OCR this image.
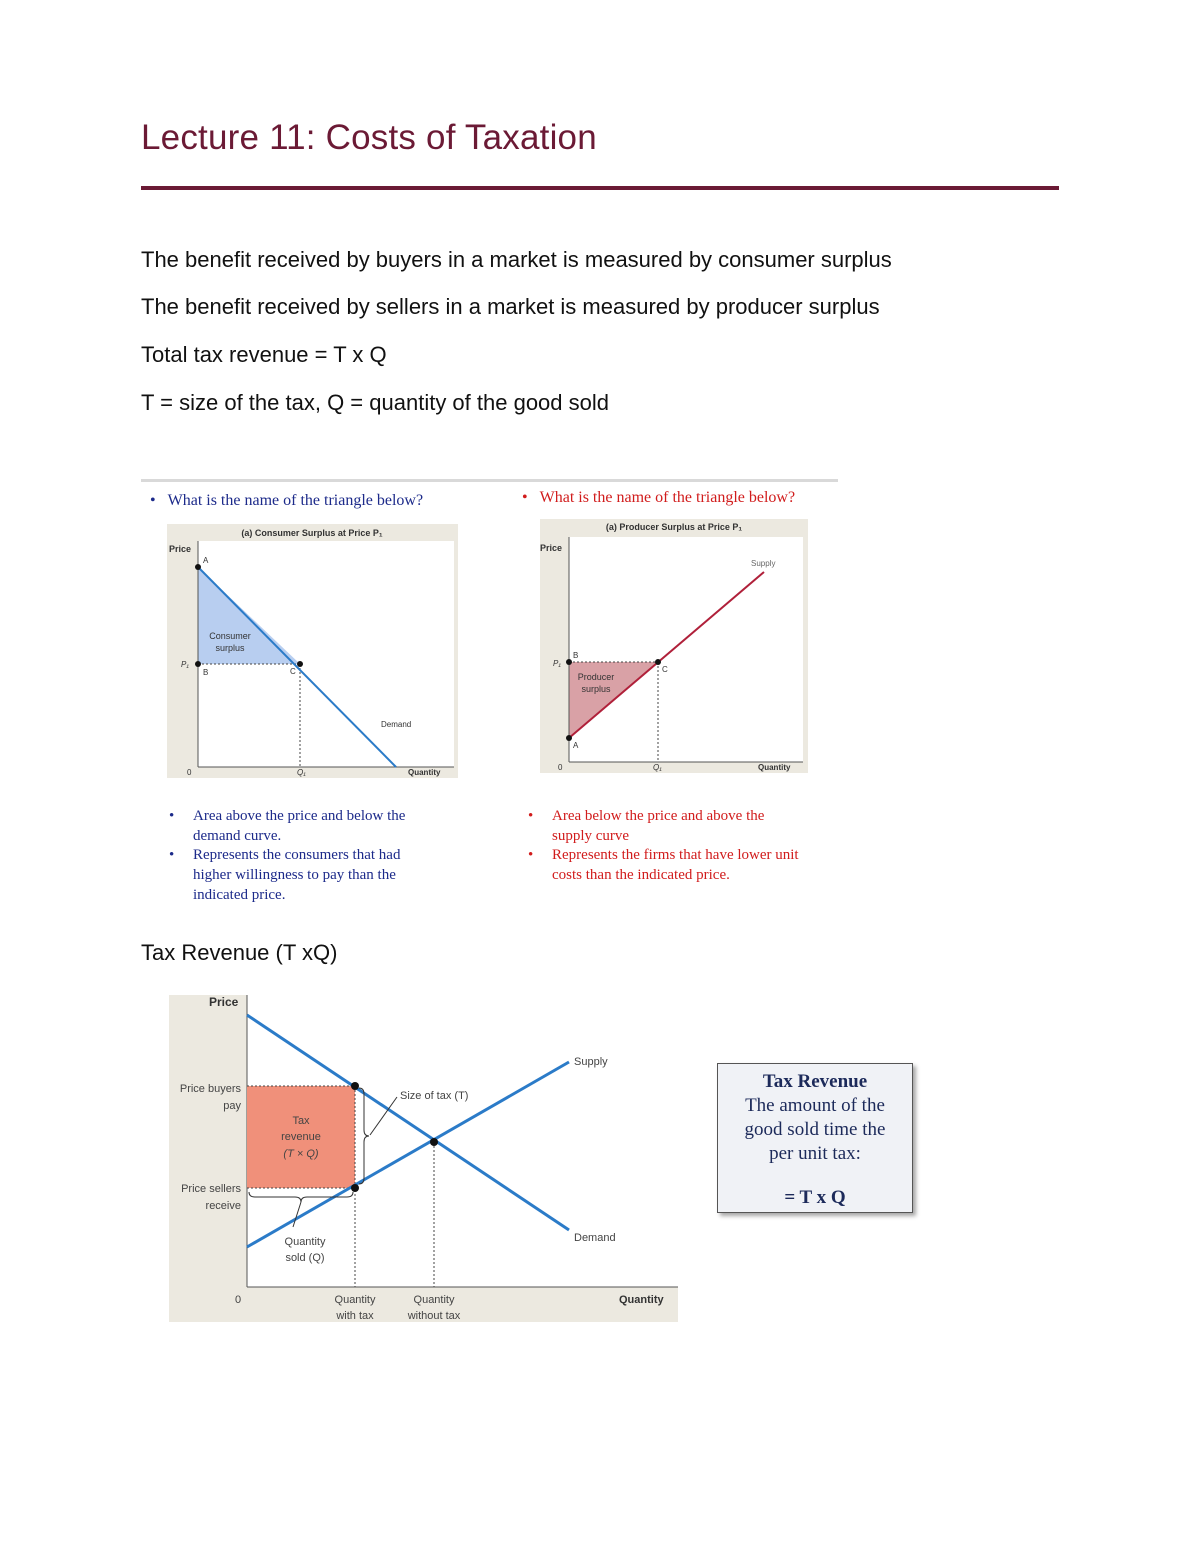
Lecture 11: Costs of Taxation
The benefit received by buyers in a market is measured by consumer surplus
The benefit received by sellers in a market is measured by producer surplus
Total tax revenue = T x Q
T = size of the tax, Q = quantity of the good sold
•   What is the name of the triangle below?
(a) Consumer Surplus at Price P₁
Price
A
B	C
P₁
Q₁
0
Consumer
surplus
Demand
Quantity
• Area above the price and below the
demand curve.
• Represents the consumers that had
higher willingness to pay than the
indicated price.
•   What is the name of the triangle below?
(a) Producer Surplus at Price P₁
Price
A
B
C
P₁
Q₁
0
Producer
surplus
Supply
Quantity
• Area below the price and above the
supply curve
• Represents the firms that have lower unit
costs than the indicated price.
Tax Revenue (T xQ)
Price
Price buyers
pay
Price sellers
receive
Tax
revenue
(T × Q)
Size of tax (T)
Quantity
sold (Q)
Supply
Demand
0	Quantity
with tax
Quantity
without tax
Quantity
Tax Revenue
The amount of the
good sold time the
per unit tax:
= T x Q
